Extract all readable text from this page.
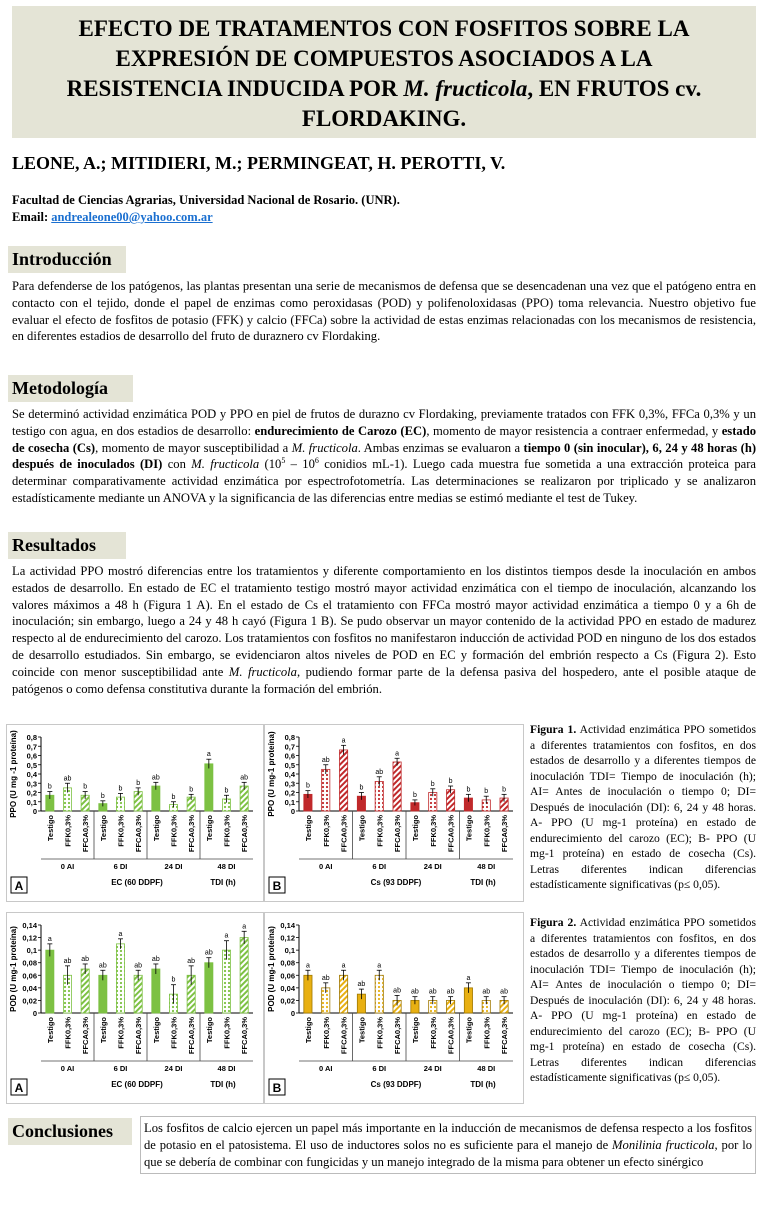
EFECTO DE TRATAMENTOS CON FOSFITOS SOBRE LA
EXPRESIÓN DE COMPUESTOS ASOCIADOS A LA
RESISTENCIA INDUCIDA POR M. fructicola, EN FRUTOS cv.
FLORDAKING.
LEONE, A.; MITIDIERI, M.; PERMINGEAT, H. PEROTTI, V.
Facultad de Ciencias Agrarias, Universidad Nacional de Rosario. (UNR).
Email: andrealeone00@yahoo.com.ar
Introducción
Para defenderse de los patógenos, las plantas presentan una serie de mecanismos de defensa que se desencadenan una vez que el patógeno entra en contacto con el tejido, donde el papel de enzimas como peroxidasas (POD) y polifenoloxidasas (PPO) toma relevancia. Nuestro objetivo fue evaluar el efecto de fosfitos de potasio (FFK) y calcio (FFCa) sobre la actividad de estas enzimas relacionadas con los mecanismos de resistencia, en diferentes estadios de desarrollo del fruto de duraznero cv Flordaking.
Metodología
Se determinó actividad enzimática POD y PPO en piel de frutos de durazno cv Flordaking, previamente tratados con FFK 0,3%, FFCa 0,3% y un testigo con agua, en dos estadios de desarrollo: endurecimiento de Carozo (EC), momento de mayor resistencia a contraer enfermedad, y estado de cosecha (Cs), momento de mayor susceptibilidad a M. fructicola. Ambas enzimas se evaluaron a tiempo 0 (sin inocular), 6, 24 y 48 horas (h) después de inoculados (DI) con M. fructicola ($10^5 - 10^6$ conidios mL-1). Luego cada muestra fue sometida a una extracción proteica para determinar comparativamente actividad enzimática por espectrofotometría. Las determinaciones se realizaron por triplicado y se analizaron estadísticamente mediante un ANOVA y la significancia de las diferencias entre medias se estimó mediante el test de Tukey.
Resultados
La actividad PPO mostró diferencias entre los tratamientos y diferente comportamiento en los distintos tiempos desde la inoculación en ambos estados de desarrollo. En estado de EC el tratamiento testigo mostró mayor actividad enzimática con el tiempo de inoculación, alcanzando los valores máximos a 48 h (Figura 1 A). En el estado de Cs el tratamiento con FFCa mostró mayor actividad enzimática a tiempo 0 y a 6h de inoculación; sin embargo, luego a 24 y 48 h cayó (Figura 1 B). Se pudo observar un mayor contenido de la actividad PPO en estado de madurez respecto al de endurecimiento del carozo. Los tratamientos con fosfitos no manifestaron inducción de actividad POD en ninguno de los dos estados de desarrollo estudiados. Sin embargo, se evidenciaron altos niveles de POD en EC y formación del embrión respecto a Cs (Figura 2). Esto coincide con menor susceptibilidad ante M. fructicola, pudiendo formar parte de la defensa pasiva del hospedero, ante el posible ataque de patógenos o como defensa constitutiva durante la formación del embrión.
PPO (U mg -1 proteína) 0
0,1
0,2
0,3
0,4
0,5
0,6
0,7
0,8
b
Testigo
ab
FFK0,3%
b
FFCA0,3%
0 AI
b
Testigo
b
FFK0,3%
b
FFCA0,3%
6 DI
ab
Testigo
b
FFK0,3%
b
FFCA0,3%
24 DI
a
Testigo
b
FFK0,3%
ab
FFCA0,3%
48 DI
EC (60 DDPF)	TDI (h)
A
PPO (U mg-1 proteína) 0
0,1
0,2
0,3
0,4
0,5
0,6
0,7
0,8
b
Testigo
ab
FFK0,3%
a
FFCA0,3%
0 AI
b
Testigo
ab
FFK0,3%
a
FFCA0,3%
6 DI
b
Testigo
b
FFK0,3%
b
FFCA0,3%
24 DI
b
Testigo
b
FFK0,3%
b
FFCA0,3%
48 DI
Cs (93 DDPF)	TDI (h)
B
POD (U mg-1 proteína)
0
0,02
0,04
0,06
0,08
0,1
0,12
0,14
a
Testigo
ab
FFK0,3%
ab
FFCA0,3%
0 AI
ab
Testigo
a
FFK0,3%
ab
FFCA0,3%
6 DI
ab
Testigo
b
FFK0,3%
ab
FFCA0,3%
24 DI
ab
Testigo
a
FFK0,3%
a
FFCA0,3%
48 DI
EC (60 DDPF)	TDI (h)
A
POD (U mg-1 proteína)
0
0,02
0,04
0,06
0,08
0,1
0,12
0,14
a
Testigo
ab
FFK0,3%
a
FFCA0,3%
0 AI
ab
Testigo
a
FFK0,3%
ab
FFCA0,3%
6 DI
ab
Testigo
ab
FFK0,3%
ab
FFCA0,3%
24 DI
a
Testigo
ab
FFK0,3%
ab
FFCA0,3%
48 DI
Cs (93 DDPF)	TDI (h)
B
Figura 1. Actividad enzimática PPO sometidos a diferentes tratamientos con fosfitos, en dos estados de desarrollo y a diferentes tiempos de inoculación TDI= Tiempo de inoculación (h); AI= Antes de inoculación o tiempo 0; DI= Después de inoculación (DI): 6, 24 y 48 horas. A- PPO (U mg-1 proteína) en estado de endurecimiento del carozo (EC); B- PPO (U mg-1 proteína) en estado de cosecha (Cs). Letras diferentes indican diferencias estadísticamente significativas (p≤ 0,05).
Figura 2. Actividad enzimática PPO sometidos a diferentes tratamientos con fosfitos, en dos estados de desarrollo y a diferentes tiempos de inoculación TDI= Tiempo de inoculación (h); AI= Antes de inoculación o tiempo 0; DI= Después de inoculación (DI): 6, 24 y 48 horas. A- PPO (U mg-1 proteína) en estado de endurecimiento del carozo (EC); B- PPO (U mg-1 proteína) en estado de cosecha (Cs). Letras diferentes indican diferencias estadísticamente significativas (p≤ 0,05).
Conclusiones	Los fosfitos de calcio ejercen un papel más importante en la inducción de mecanismos de defensa respecto a los fosfitos de potasio en el patosistema. El uso de inductores solos no es suficiente para el manejo de Monilinia fructicola, por lo que se debería de combinar con fungicidas y un manejo integrado de la misma para obtener un efecto sinérgico
